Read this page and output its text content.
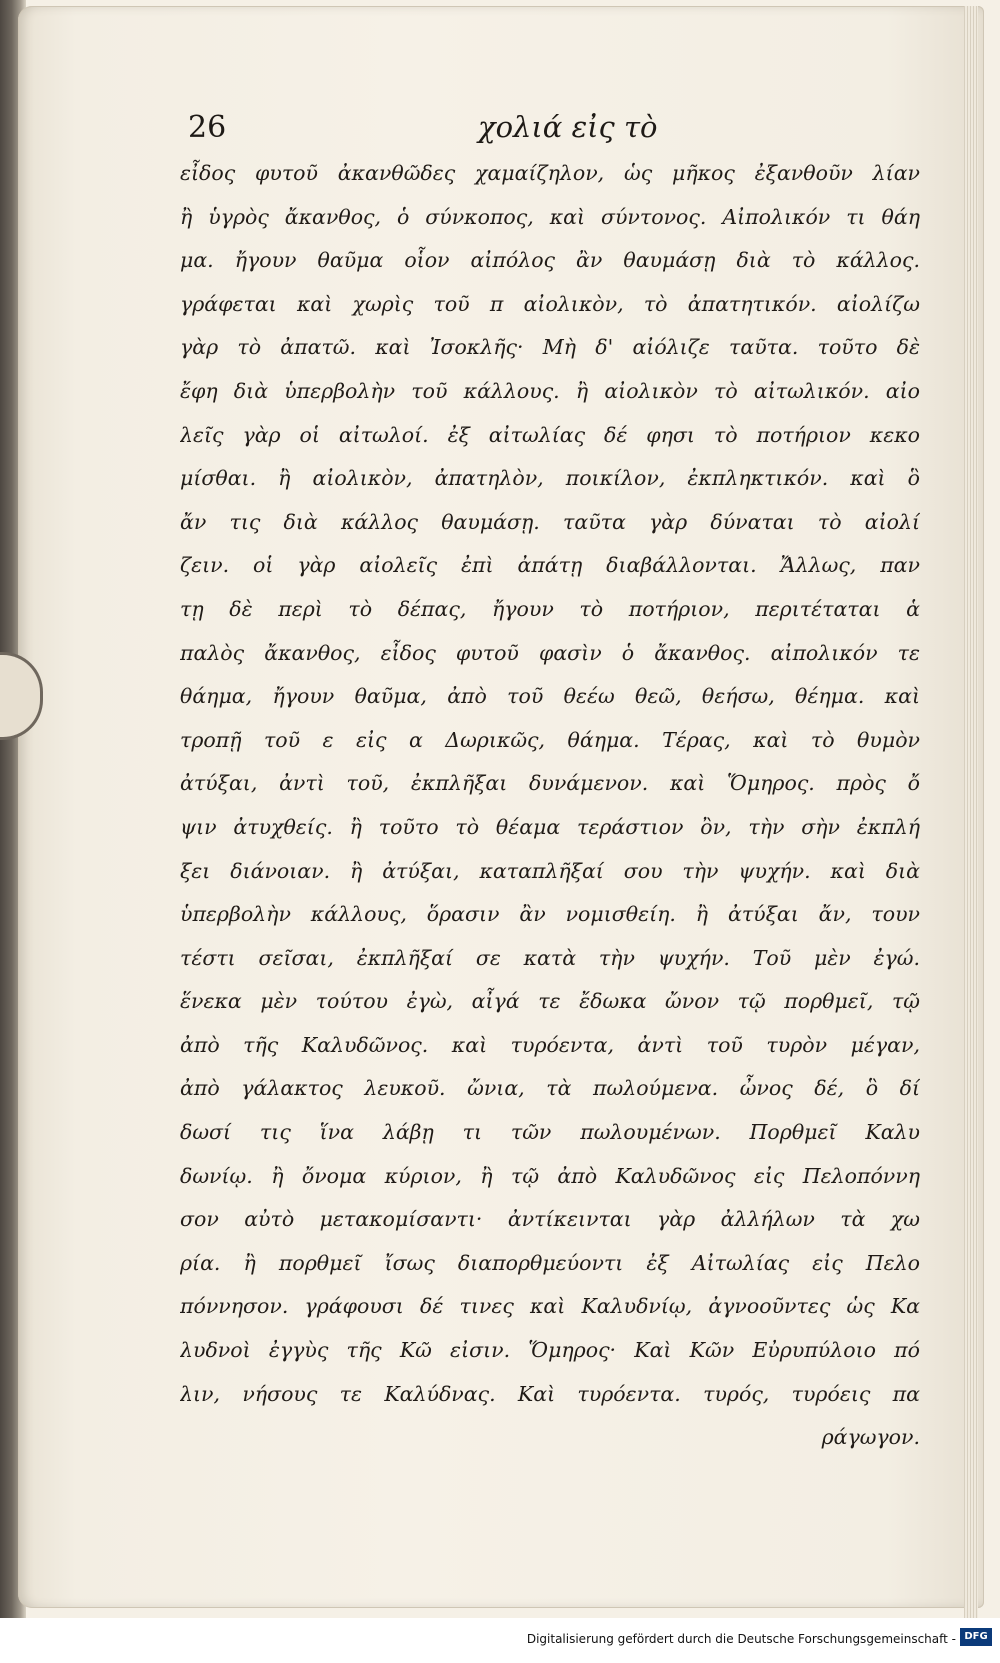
26	χολιά εἰς τὸ
εἶδος φυτοῦ ἀκανθῶδες χαμαίζηλον, ὡς μῆκος ἐξανθοῦν λίαν
ἢ ὑγρὸς ἄκανθος, ὁ σύνκοπος, καὶ σύντονος. Αἰπολικόν τι θάη
μα. ἤγουν θαῦμα οἷον αἰπόλος ἂν θαυμάσῃ διὰ τὸ κάλλος.
γράφεται καὶ χωρὶς τοῦ π αἰολικὸν, τὸ ἀπατητικόν. αἰολίζω
γὰρ τὸ ἀπατῶ. καὶ Ἰσοκλῆς· Μὴ δ' αἰόλιζε ταῦτα. τοῦτο δὲ
ἔφη διὰ ὑπερβολὴν τοῦ κάλλους. ἢ αἰολικὸν τὸ αἰτωλικόν. αἰο
λεῖς γὰρ οἱ αἰτωλοί. ἐξ αἰτωλίας δέ φησι τὸ ποτήριον κεκο
μίσθαι. ἢ αἰολικὸν, ἀπατηλὸν, ποικίλον, ἐκπληκτικόν. καὶ ὃ
ἄν τις διὰ κάλλος θαυμάσῃ. ταῦτα γὰρ δύναται τὸ αἰολί
ζειν. οἱ γὰρ αἰολεῖς ἐπὶ ἀπάτῃ διαβάλλονται. Ἄλλως, παν
τῃ δὲ περὶ τὸ δέπας, ἤγουν τὸ ποτήριον, περιτέταται ἁ
παλὸς ἄκανθος, εἶδος φυτοῦ φασὶν ὁ ἄκανθος. αἰπολικόν τε
θάημα, ἤγουν θαῦμα, ἀπὸ τοῦ θεέω θεῶ, θεήσω, θέημα. καὶ
τροπῇ τοῦ ε εἰς α Δωρικῶς, θάημα. Τέρας, καὶ τὸ θυμὸν
ἀτύξαι, ἀντὶ τοῦ, ἐκπλῆξαι δυνάμενον. καὶ Ὅμηρος. πρὸς ὄ
ψιν ἀτυχθείς. ἢ τοῦτο τὸ θέαμα τεράστιον ὂν, τὴν σὴν ἐκπλή
ξει διάνοιαν. ἢ ἀτύξαι, καταπλῆξαί σου τὴν ψυχήν. καὶ διὰ
ὑπερβολὴν κάλλους, ὅρασιν ἂν νομισθείη. ἢ ἀτύξαι ἄν, τουν
τέστι σεῖσαι, ἐκπλῆξαί σε κατὰ τὴν ψυχήν. Τοῦ μὲν ἐγώ.
ἕνεκα μὲν τούτου ἐγὼ, αἶγά τε ἔδωκα ὤνον τῷ πορθμεῖ, τῷ
ἀπὸ τῆς Καλυδῶνος. καὶ τυρόεντα, ἀντὶ τοῦ τυρὸν μέγαν,
ἀπὸ γάλακτος λευκοῦ. ὤνια, τὰ πωλούμενα. ὦνος δέ, ὃ δί
δωσί τις ἵνα λάβῃ τι τῶν πωλουμένων. Πορθμεῖ Καλυ
δωνίῳ. ἢ ὄνομα κύριον, ἢ τῷ ἀπὸ Καλυδῶνος εἰς Πελοπόννη
σον αὐτὸ μετακομίσαντι· ἀντίκεινται γὰρ ἀλλήλων τὰ χω
ρία. ἢ πορθμεῖ ἴσως διαπορθμεύοντι ἐξ Αἰτωλίας εἰς Πελο
πόννησον. γράφουσι δέ τινες καὶ Καλυδνίῳ, ἀγνοοῦντες ὡς Κα
λυδνοὶ ἐγγὺς τῆς Κῶ εἰσιν. Ὅμηρος· Καὶ Κῶν Εὐρυπύλοιο πό
λιν, νήσους τε Καλύδνας. Καὶ τυρόεντα. τυρός, τυρόεις πα
ράγωγον.
Digitalisierung gefördert durch die Deutsche Forschungsgemeinschaft - DFG
